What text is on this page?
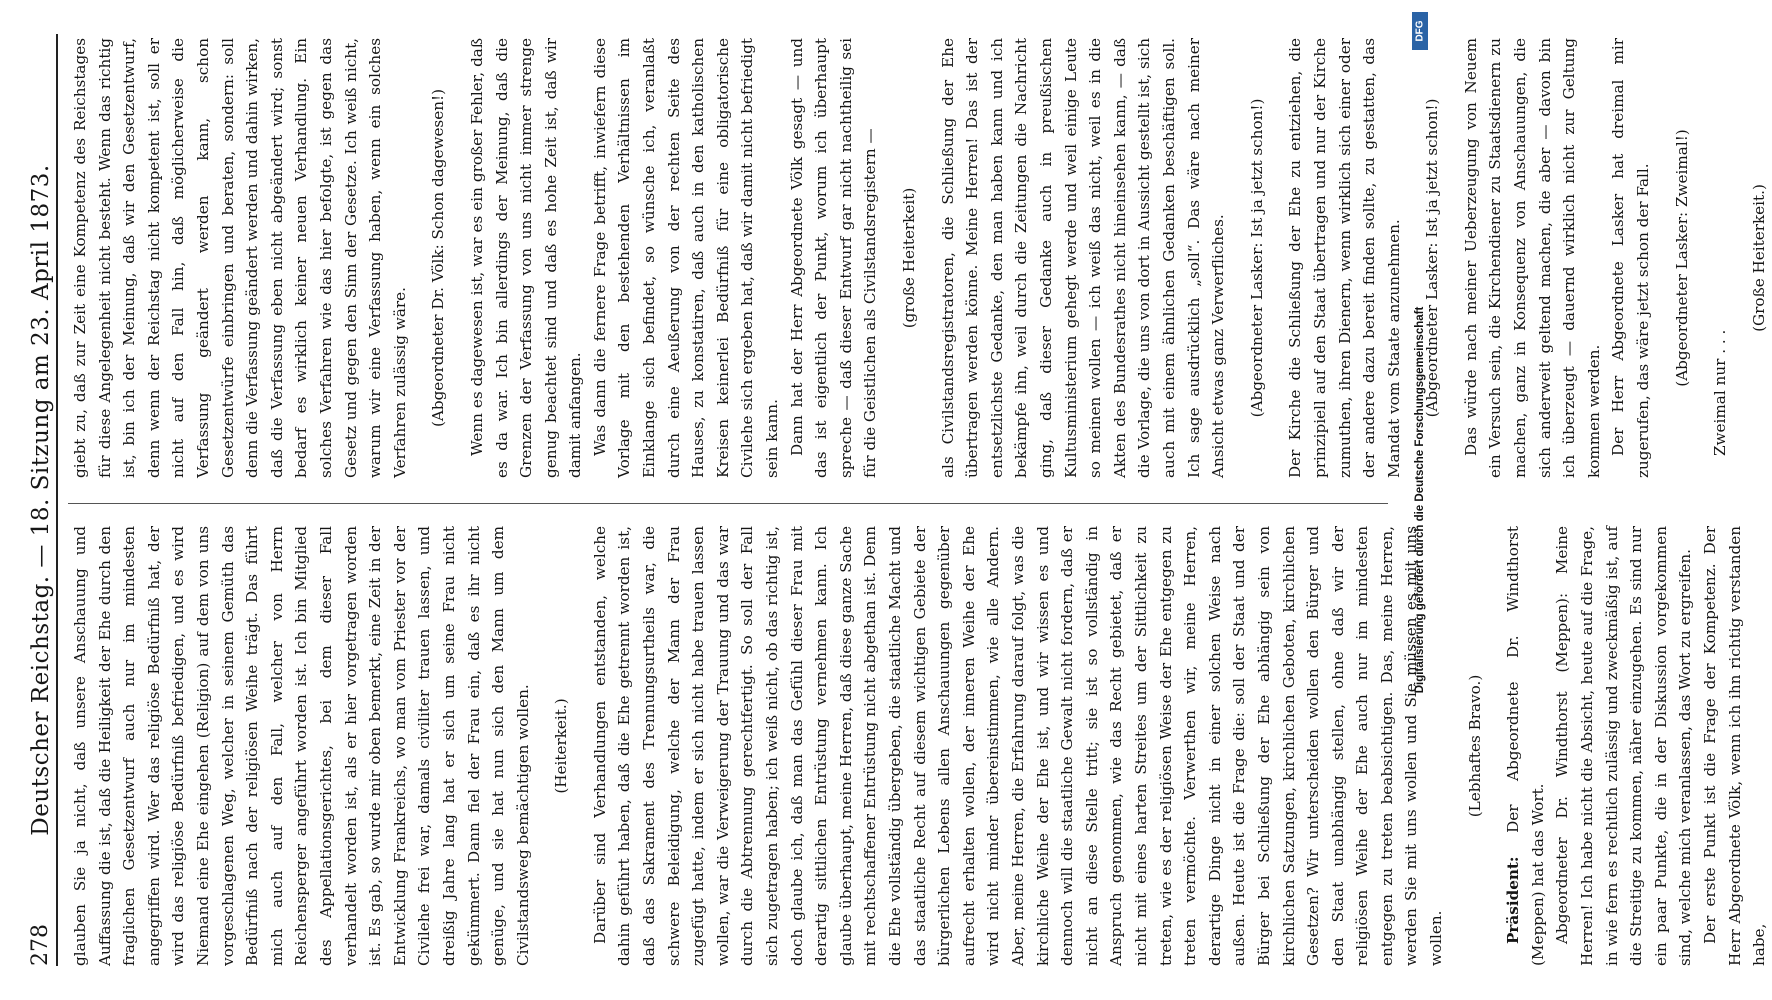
278
Deutscher Reichstag. — 18. Sitzung am 23. April 1873. glauben Sie ja nicht, daß unsere Anschauung und Auffassung die ist, daß die Heiligkeit der Ehe durch den fraglichen Gesetzentwurf auch nur im mindesten angegriffen wird. Wer das religiöse Bedürfniß hat, der wird das religiöse Bedürfniß befriedigen, und es wird Niemand eine Ehe eingehen (Religion) auf dem von uns vorgeschlagenen Weg, welcher in seinem Gemüth das Bedürfniß nach der religiösen Weihe trägt. Das führt mich auch auf den Fall, welcher von Herrn Reichensperger angeführt worden ist. Ich bin Mitglied des Appellationsgerichtes, bei dem dieser Fall verhandelt worden ist, als er hier vorgetragen worden ist. Es gab, so wurde mir oben bemerkt, eine Zeit in der Entwicklung Frankreichs, wo man vom Priester vor der Civilehe frei war, damals civiliter trauen lassen, und dreißig Jahre lang hat er sich um seine Frau nicht gekümmert. Dann fiel der Frau ein, daß es ihr nicht genüge, und sie hat nun sich den Mann um dem Civilstandsweg bemächtigen wollen. (Heiterkeit.) Darüber sind Verhandlungen entstanden, welche dahin geführt haben, daß die Ehe getrennt worden ist, daß das Sakrament des Trennungsurtheils war, die schwere Beleidigung, welche der Mann der Frau zugefügt hatte, indem er sich nicht habe trauen lassen wollen, war die Verweigerung der Trauung und das war durch die Abtrennung gerechtfertigt. So soll der Fall sich zugetragen haben; ich weiß nicht, ob das richtig ist, doch glaube ich, daß man das Gefühl dieser Frau mit derartig sittlichen Entrüstung vernehmen kann. Ich glaube überhaupt, meine Herren, daß diese ganze Sache mit rechtschaffener Entrüstung nicht abgethan ist. Denn die Ehe vollständig übergeben, die staatliche Macht und das staatliche Recht auf diesem wichtigen Gebiete der bürgerlichen Lebens allen Anschauungen gegenüber aufrecht erhalten wollen, der inneren Weihe der Ehe wird nicht minder übereinstimmen, wie alle Andern. Aber, meine Herren, die Erfahrung darauf folgt, was die kirchliche Weihe der Ehe ist, und wir wissen es und dennoch will die staatliche Gewalt nicht fordern, daß er nicht an diese Stelle tritt; sie ist so vollständig in Anspruch genommen, wie das Recht gebietet, daß er nicht mit eines harten Streites um der Sittlichkeit zu treten, wie es der religiösen Weise der Ehe entgegen zu treten vermöchte. Verwerthen wir, meine Herren, derartige Dinge nicht in einer solchen Weise nach außen. Heute ist die Frage die: soll der Staat und der Bürger bei Schließung der Ehe abhängig sein von kirchlichen Satzungen, kirchlichen Geboten, kirchlichen Gesetzen? Wir unterscheiden wollen den Bürger und den Staat unabhängig stellen, ohne daß wir der religiösen Weihe der Ehe auch nur im mindesten entgegen zu treten beabsichtigen. Das, meine Herren, werden Sie mit uns wollen und Sie müssen es mit uns wollen.

(Lebhaftes Bravo.)

Präsident: Der Abgeordnete Dr. Windthorst (Meppen) hat das Wort. Abgeordneter Dr. Windthorst (Meppen): Meine Herren! Ich habe nicht die Absicht, heute auf die Frage, in wie fern es rechtlich zulässig und zweckmäßig ist, auf die Streitige zu kommen, näher einzugehen. Es sind nur ein paar Punkte, die in der Diskussion vorgekommen sind, welche mich veranlassen, das Wort zu ergreifen. Der erste Punkt ist die Frage der Kompetenz. Der Herr Abgeordnete Völk, wenn ich ihn richtig verstanden habe,

giebt zu, daß zur Zeit eine Kompetenz des Reichstages für diese Angelegenheit nicht besteht. Wenn das richtig ist, bin ich der Meinung, daß wir den Gesetzentwurf, denn wenn der Reichstag nicht kompetent ist, soll er nicht auf den Fall hin, daß möglicherweise die Verfassung geändert werden kann, schon Gesetzentwürfe einbringen und beraten, sondern: soll denn die Verfassung geändert werden und dahin wirken, daß die Verfassung eben nicht abgeändert wird; sonst bedarf es wirklich keiner neuen Verhandlung. Ein solches Verfahren wie das hier befolgte, ist gegen das Gesetz und gegen den Sinn der Gesetze. Ich weiß nicht, warum wir eine Verfassung haben, wenn ein solches Verfahren zulässig wäre. (Abgeordneter Dr. Völk: Schon dagewesen!) Wenn es dagewesen ist, war es ein großer Fehler, daß es da war. Ich bin allerdings der Meinung, daß die Grenzen der Verfassung von uns nicht immer strenge genug beachtet sind und daß es hohe Zeit ist, daß wir damit anfangen. Was dann die fernere Frage betrifft, inwiefern diese Vorlage mit den bestehenden Verhältnissen im Einklange sich befindet, so wünsche ich, veranlaßt durch eine Aeußerung von der rechten Seite des Hauses, zu konstatiren, daß auch in den katholischen Kreisen keinerlei Bedürfniß für eine obligatorische Civilehe sich ergeben hat, daß wir damit nicht befriedigt sein kann. Dann hat der Herr Abgeordnete Völk gesagt — und das ist eigentlich der Punkt, worum ich überhaupt spreche — daß dieser Entwurf gar nicht nachtheilig sei für die Geistlichen als Civilstandsregistern — (große Heiterkeit) als Civilstandsregistratoren, die Schließung der Ehe übertragen werden könne. Meine Herren! Das ist der entsetzlichste Gedanke, den man haben kann und ich bekämpfe ihn, weil durch die Zeitungen die Nachricht ging, daß dieser Gedanke auch in preußischen Kultusministerium gehegt werde und weil einige Leute so meinen wollen — ich weiß das nicht, weil es in die Akten des Bundesrathes nicht hineinsehen kann, — daß die Vorlage, die uns von dort in Aussicht gestellt ist, sich auch mit einem ähnlichen Gedanken beschäftigen soll. Ich sage ausdrücklich „soll“. Das wäre nach meiner Ansicht etwas ganz Verwerfliches. (Abgeordneter Lasker: Ist ja jetzt schon!) Der Kirche die Schließung der Ehe zu entziehen, die prinzipiell auf den Staat übertragen und nur der Kirche zumuthen, ihren Dienern, wenn wirklich sich einer oder der andere dazu bereit finden sollte, zu gestatten, das Mandat vom Staate anzunehmen. (Abgeordneter Lasker: Ist ja jetzt schon!) Das würde nach meiner Ueberzeugung von Neuem ein Versuch sein, die Kirchendiener zu Staatsdienern zu machen, ganz in Konsequenz von Anschauungen, die sich anderweit geltend machen, die aber — davon bin ich überzeugt — dauernd wirklich nicht zur Geltung kommen werden. Der Herr Abgeordnete Lasker hat dreimal mir zugerufen, das wäre jetzt schon der Fall. (Abgeordneter Lasker: Zweimal!)

Zweimal nur . . .

(Große Heiterkeit.)

DFG
Digitalisierung gefördert durch die Deutsche Forschungsgemeinschaft
